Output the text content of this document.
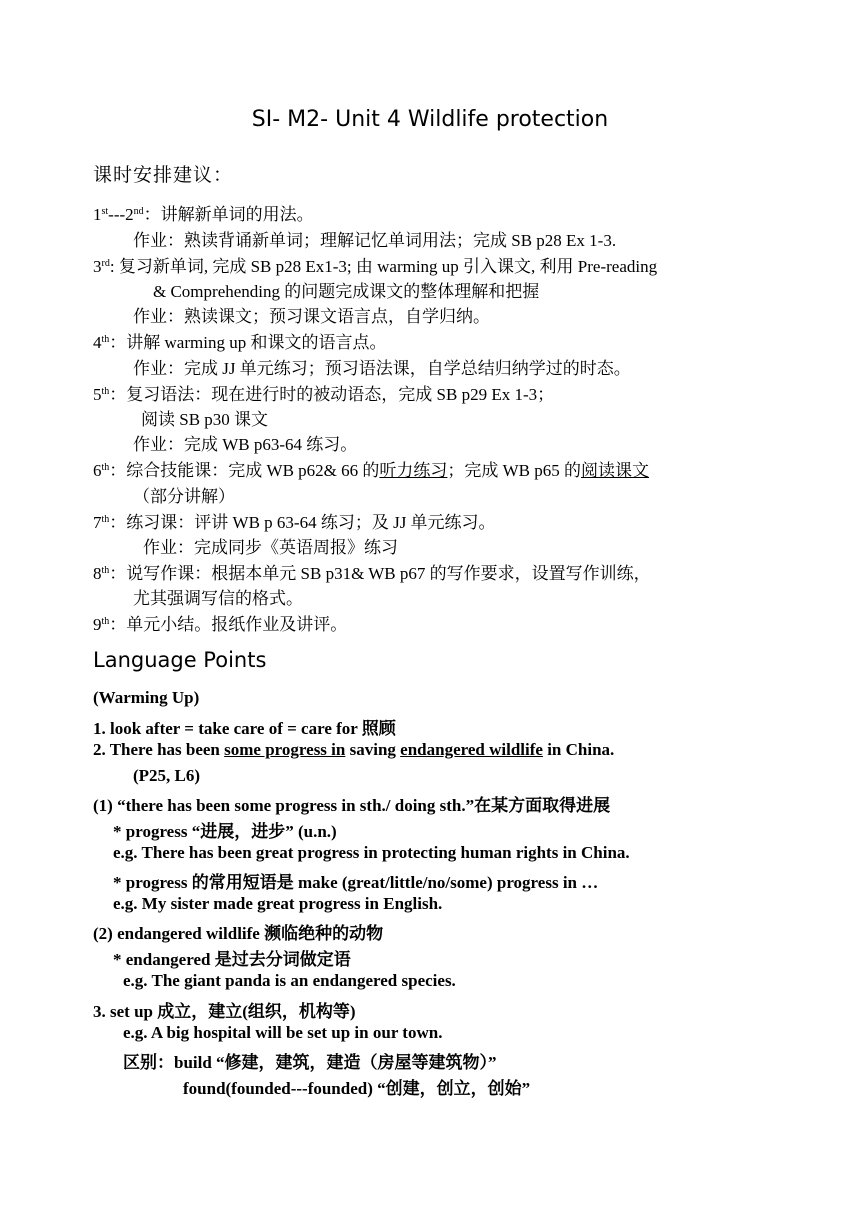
SI- M2- Unit 4 Wildlife protection
课时安排建议：
1st---2nd：讲解新单词的用法。
作业：熟读背诵新单词；理解记忆单词用法；完成 SB p28 Ex 1-3.
3rd: 复习新单词, 完成 SB p28 Ex1-3; 由 warming up 引入课文, 利用 Pre-reading
& Comprehending 的问题完成课文的整体理解和把握
作业：熟读课文；预习课文语言点，自学归纳。
4th：讲解 warming up 和课文的语言点。
作业：完成 JJ 单元练习；预习语法课，自学总结归纳学过的时态。
5th：复习语法：现在进行时的被动语态，完成 SB p29 Ex 1-3；
阅读 SB p30 课文
作业：完成 WB p63-64 练习。
6th：综合技能课：完成 WB p62& 66 的听力练习；完成 WB p65 的阅读课文
（部分讲解）
7th：练习课：评讲 WB p 63-64 练习；及 JJ 单元练习。
作业：完成同步《英语周报》练习
8th：说写作课：根据本单元 SB p31& WB p67 的写作要求，设置写作训练，
尤其强调写信的格式。
9th：单元小结。报纸作业及讲评。
Language Points
(Warming Up)
1. look after = take care of = care for 照顾
2. There has been some progress in saving endangered wildlife in China.
(P25, L6)
(1) “there has been some progress in sth./ doing sth.”在某方面取得进展
* progress “进展，进步” (u.n.)
e.g. There has been great progress in protecting human rights in China.
* progress 的常用短语是 make (great/little/no/some) progress in …
e.g. My sister made great progress in English.
(2) endangered wildlife 濒临绝种的动物
* endangered 是过去分词做定语
e.g. The giant panda is an endangered species.
3. set up 成立，建立(组织，机构等)
e.g. A big hospital will be set up in our town.
区别：build “修建，建筑，建造（房屋等建筑物）”
found(founded---founded) “创建，创立，创始”
